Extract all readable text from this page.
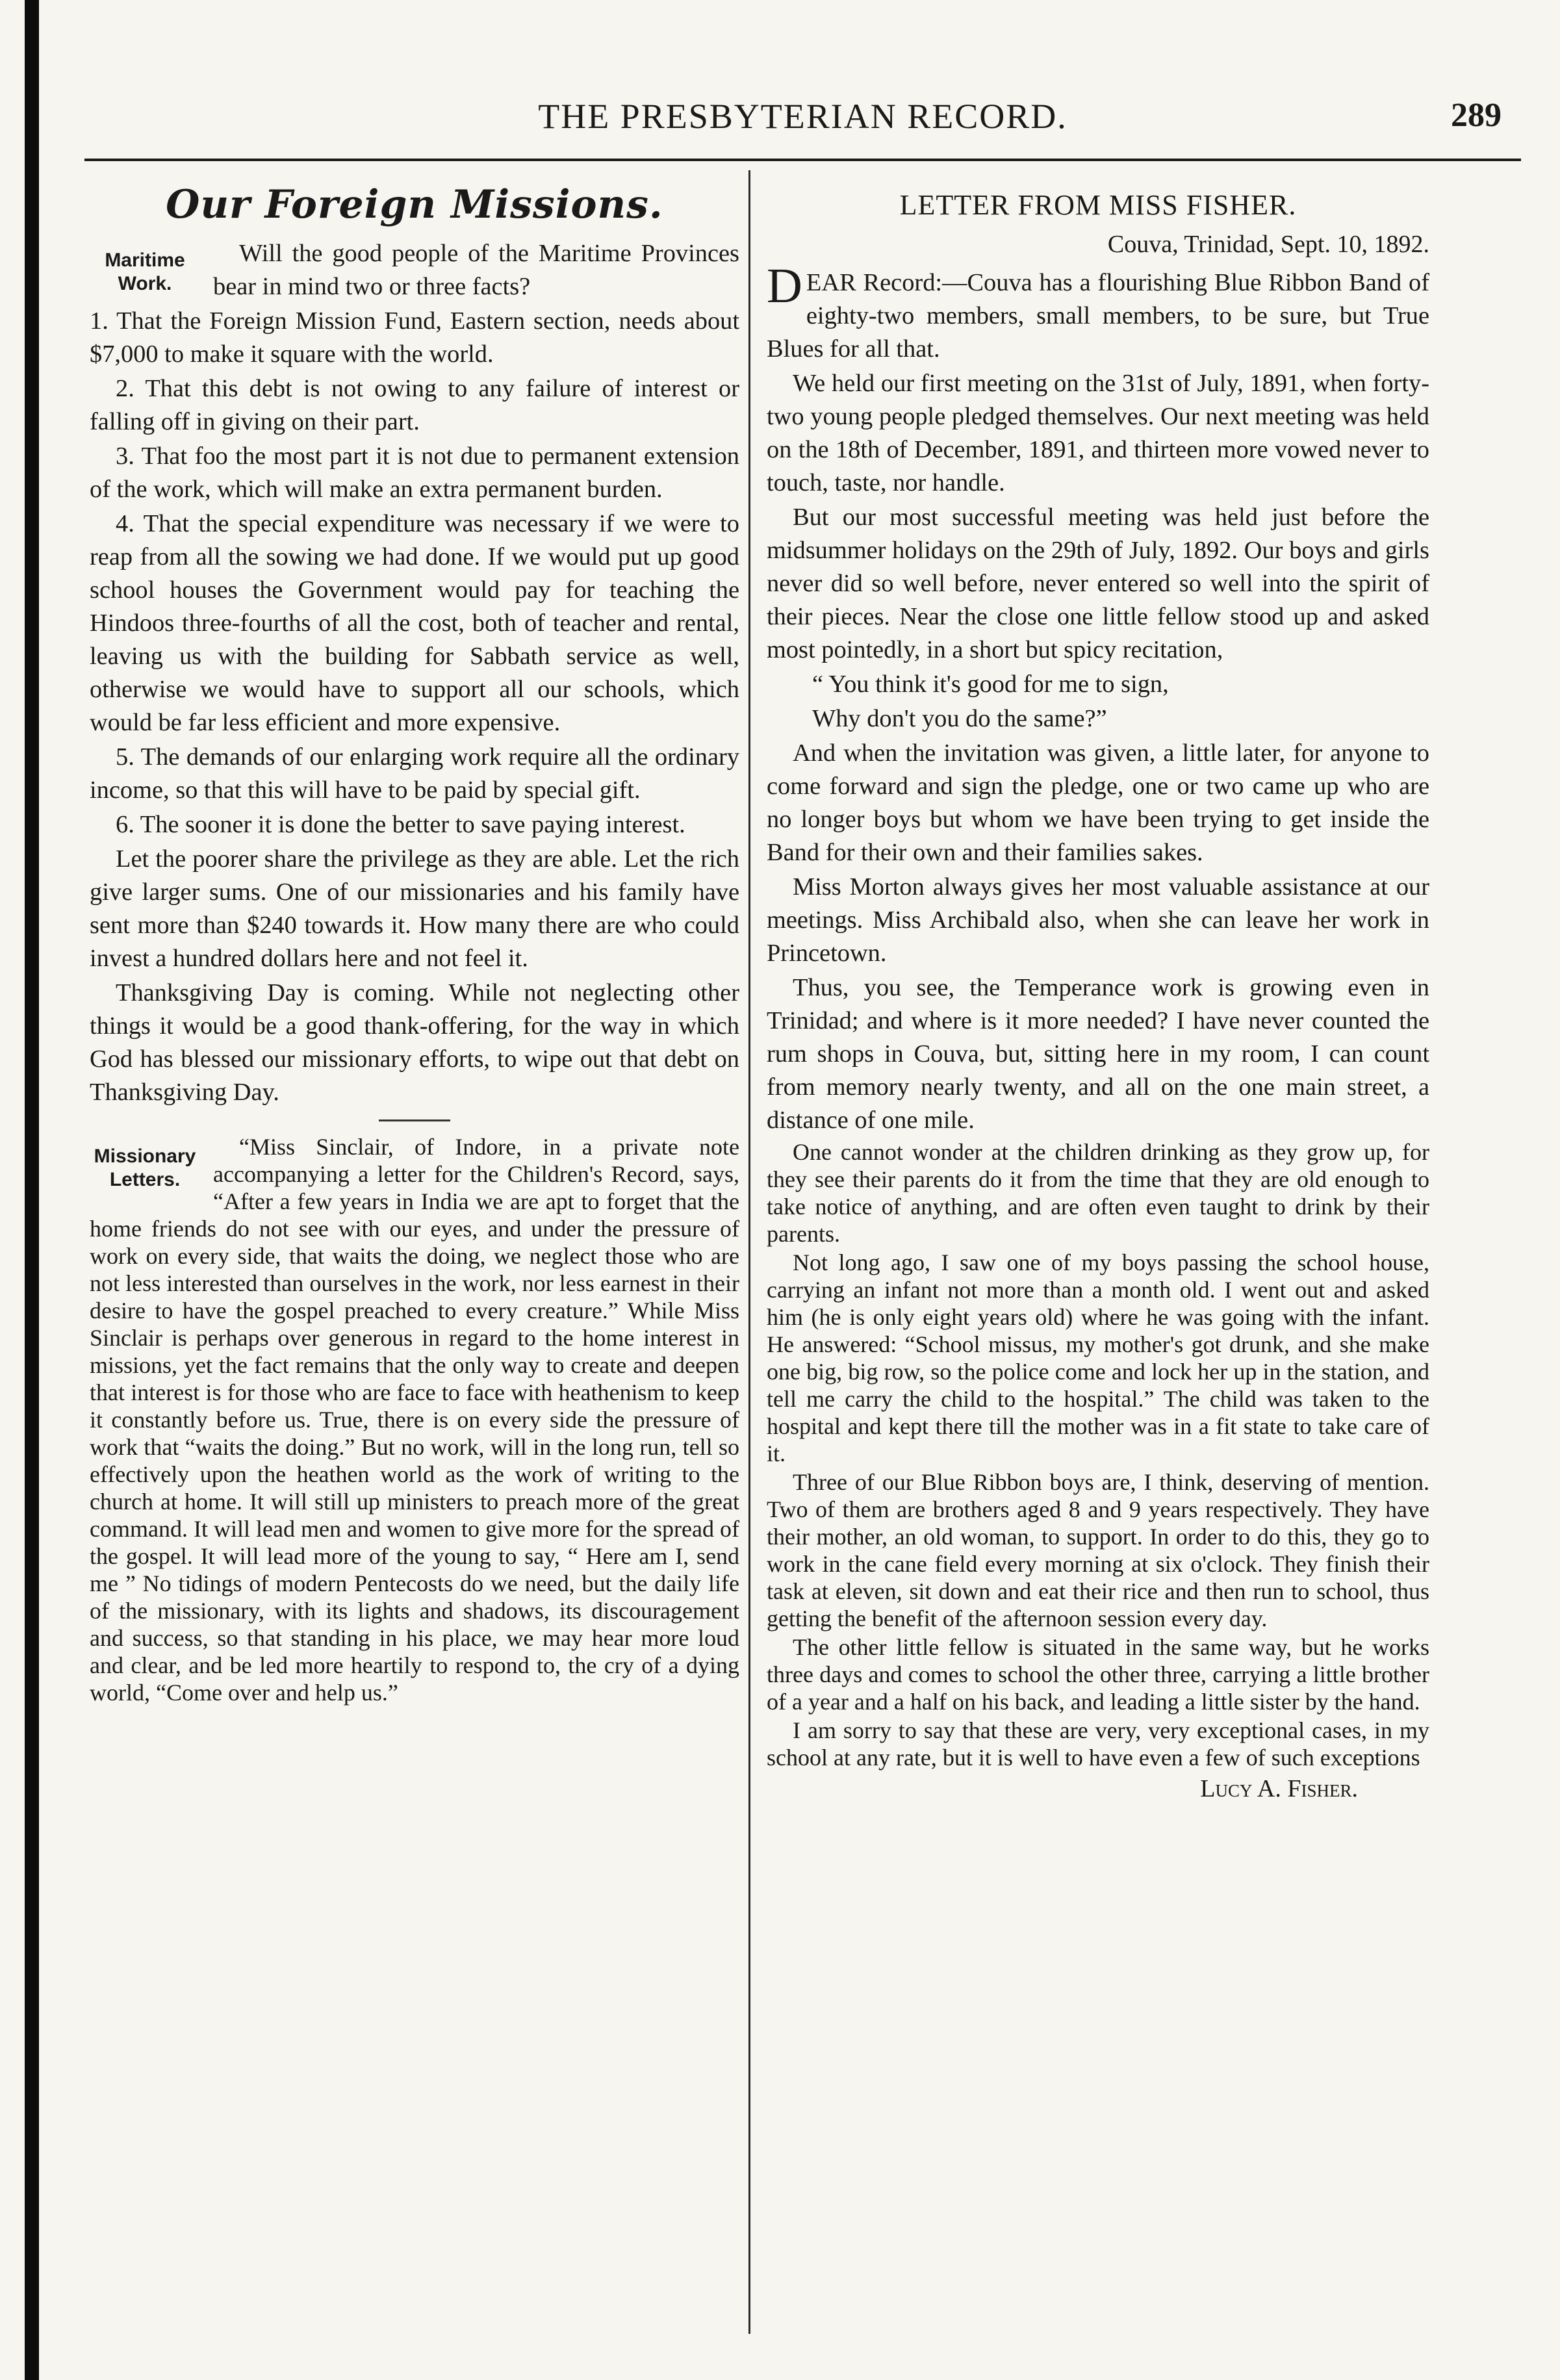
THE PRESBYTERIAN RECORD.	289
Our Foreign Missions.
Maritime Work.

Will the good people of the Maritime Provinces bear in mind two or three facts?

1. That the Foreign Mission Fund, Eastern section, needs about $7,000 to make it square with the world.

2. That this debt is not owing to any failure of interest or falling off in giving on their part.

3. That foo the most part it is not due to permanent extension of the work, which will make an extra permanent burden.

4. That the special expenditure was necessary if we were to reap from all the sowing we had done. If we would put up good school houses the Government would pay for teaching the Hindoos three-fourths of all the cost, both of teacher and rental, leaving us with the building for Sabbath service as well, otherwise we would have to support all our schools, which would be far less efficient and more expensive.

5. The demands of our enlarging work require all the ordinary income, so that this will have to be paid by special gift.

6. The sooner it is done the better to save paying interest.

Let the poorer share the privilege as they are able. Let the rich give larger sums. One of our missionaries and his family have sent more than $240 towards it. How many there are who could invest a hundred dollars here and not feel it.

Thanksgiving Day is coming. While not neglecting other things it would be a good thank-offering, for the way in which God has blessed our missionary efforts, to wipe out that debt on Thanksgiving Day.

Missionary Letters.

“Miss Sinclair, of Indore, in a private note accompanying a letter for the Children's Record, says, “After a few years in India we are apt to forget that the home friends do not see with our eyes, and under the pressure of work on every side, that waits the doing, we neglect those who are not less interested than ourselves in the work, nor less earnest in their desire to have the gospel preached to every creature.” While Miss Sinclair is perhaps over generous in regard to the home interest in missions, yet the fact remains that the only way to create and deepen that interest is for those who are face to face with heathenism to keep it constantly before us. True, there is on every side the pressure of work that “waits the doing.” But no work, will in the long run, tell so effectively upon the heathen world as the work of writing to the church at home. It will still up ministers to preach more of the great command. It will lead men and women to give more for the spread of the gospel. It will lead more of the young to say, “ Here am I, send me ” No tidings of modern Pentecosts do we need, but the daily life of the missionary, with its lights and shadows, its discouragement and success, so that standing in his place, we may hear more loud and clear, and be led more heartily to respond to, the cry of a dying world, “Come over and help us.”

LETTER FROM MISS FISHER.
Couva, Trinidad, Sept. 10, 1892.

DEAR Record:—Couva has a flourishing Blue Ribbon Band of eighty-two members, small members, to be sure, but True Blues for all that.

We held our first meeting on the 31st of July, 1891, when forty-two young people pledged themselves. Our next meeting was held on the 18th of December, 1891, and thirteen more vowed never to touch, taste, nor handle.

But our most successful meeting was held just before the midsummer holidays on the 29th of July, 1892. Our boys and girls never did so well before, never entered so well into the spirit of their pieces. Near the close one little fellow stood up and asked most pointedly, in a short but spicy recitation,

“ You think it's good for me to sign,

Why don't you do the same?”

And when the invitation was given, a little later, for anyone to come forward and sign the pledge, one or two came up who are no longer boys but whom we have been trying to get inside the Band for their own and their families sakes.

Miss Morton always gives her most valuable assistance at our meetings. Miss Archibald also, when she can leave her work in Princetown.

Thus, you see, the Temperance work is growing even in Trinidad; and where is it more needed? I have never counted the rum shops in Couva, but, sitting here in my room, I can count from memory nearly twenty, and all on the one main street, a distance of one mile.

One cannot wonder at the children drinking as they grow up, for they see their parents do it from the time that they are old enough to take notice of anything, and are often even taught to drink by their parents.

Not long ago, I saw one of my boys passing the school house, carrying an infant not more than a month old. I went out and asked him (he is only eight years old) where he was going with the infant. He answered: “School missus, my mother's got drunk, and she make one big, big row, so the police come and lock her up in the station, and tell me carry the child to the hospital.” The child was taken to the hospital and kept there till the mother was in a fit state to take care of it.

Three of our Blue Ribbon boys are, I think, deserving of mention. Two of them are brothers aged 8 and 9 years respectively. They have their mother, an old woman, to support. In order to do this, they go to work in the cane field every morning at six o'clock. They finish their task at eleven, sit down and eat their rice and then run to school, thus getting the benefit of the afternoon session every day.

The other little fellow is situated in the same way, but he works three days and comes to school the other three, carrying a little brother of a year and a half on his back, and leading a little sister by the hand.

I am sorry to say that these are very, very exceptional cases, in my school at any rate, but it is well to have even a few of such exceptions

Lucy A. Fisher.
